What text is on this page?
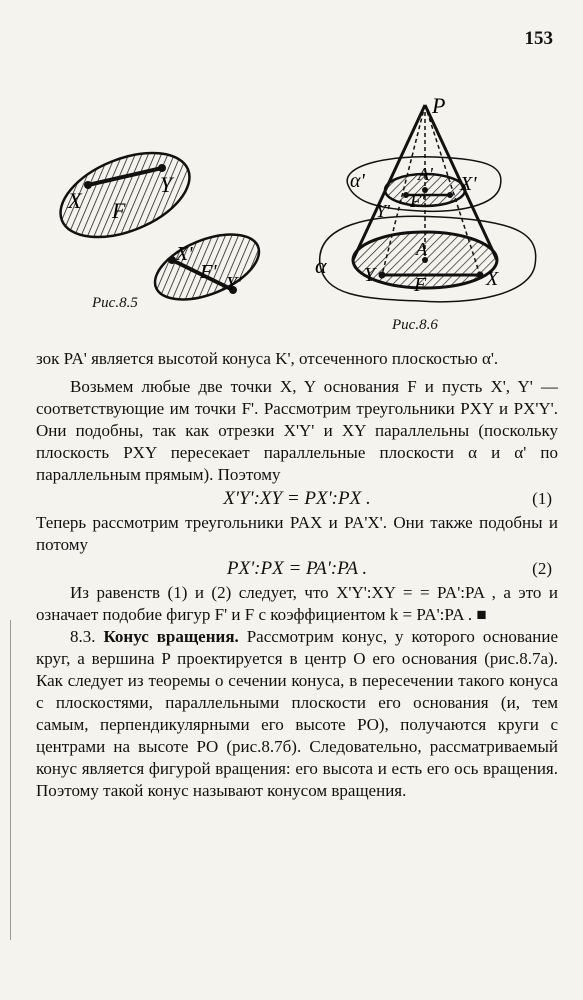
153
X
Y
F
X'
F'
Y'
Рис.8.5
P
α
α'	A' X'
F'
Y'
A
Y F	X
Рис.8.6

зок PA' является высотой конуса K', отсеченного плоскостью α'.

Возьмем любые две точки X, Y основания F и пусть X', Y' — соответствующие им точки F'. Рассмотрим треугольники PXY и PX'Y'. Они подобны, так как отрезки X'Y' и XY параллельны (поскольку плоскость PXY пересекает параллельные плоскости α и α' по параллельным прямым). Поэтому

X'Y':XY = PX':PX .	(1)

Теперь рассмотрим треугольники PAX и PA'X'. Они также подобны и потому

PX':PX = PA':PA .	(2)

Из равенств (1) и (2) следует, что X'Y':XY = = PA':PA , а это и означает подобие фигур F' и F с коэффициентом k = PA':PA . ■

8.3. Конус вращения. Рассмотрим конус, у которого основание круг, а вершина P проектируется в центр O его основания (рис.8.7а). Как следует из теоремы о сечении конуса, в пересечении такого конуса с плоскостями, параллельными плоскости его основания (и, тем самым, перпендикулярными его высоте PO), получаются круги с центрами на высоте PO (рис.8.7б). Следовательно, рассматриваемый конус является фигурой вращения: его высота и есть его ось вращения. Поэтому такой конус называют конусом вращения.
